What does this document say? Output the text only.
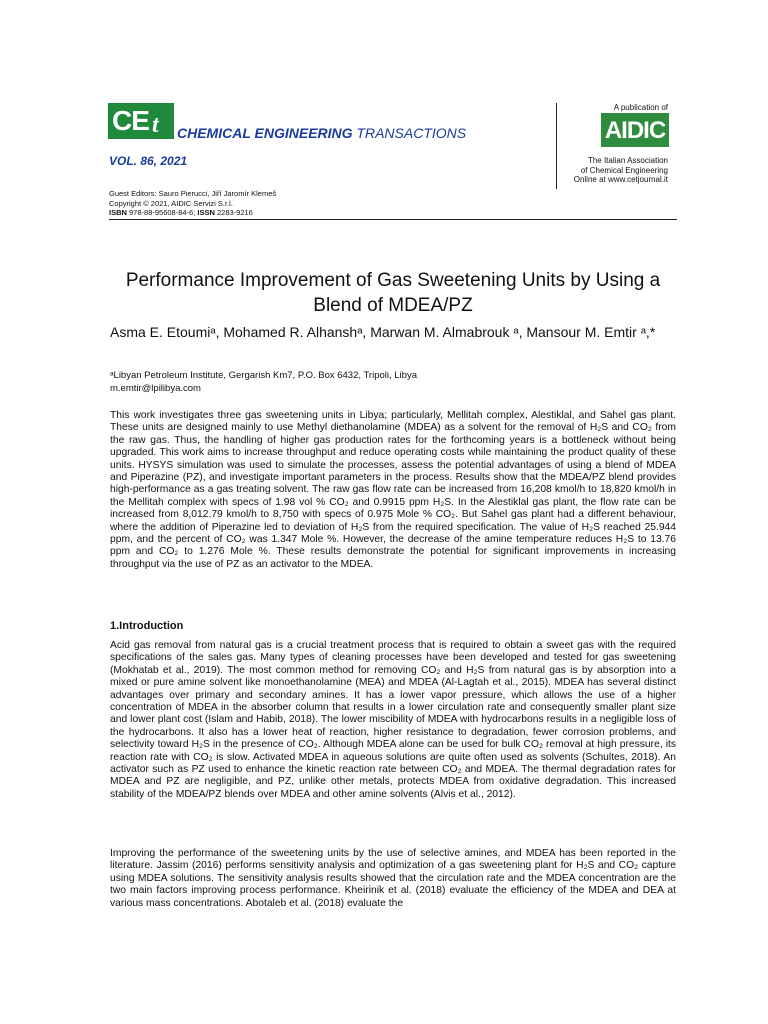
CE t CHEMICAL ENGINEERING TRANSACTIONS
VOL. 86, 2021
A publication of
AIDIC
The Italian Association
of Chemical Engineering
Online at www.cetjournal.it
Guest Editors: Sauro Pierucci, Jiří Jaromír Klemeš
Copyright © 2021, AIDIC Servizi S.r.l.
ISBN 978-88-95608-84-6; ISSN 2283-9216
Performance Improvement of Gas Sweetening Units by Using a Blend of MDEA/PZ
Asma E. Etoumiᵃ, Mohamed R. Alhanshᵃ, Marwan M. Almabrouk ᵃ, Mansour M. Emtir ᵃ,*
ᵃLibyan Petroleum Institute, Gergarish Km7, P.O. Box 6432, Tripoli, Libya
m.emtir@lpilibya.com
This work investigates three gas sweetening units in Libya; particularly, Mellitah complex, Alestiklal, and Sahel gas plant. These units are designed mainly to use Methyl diethanolamine (MDEA) as a solvent for the removal of H₂S and CO₂ from the raw gas. Thus, the handling of higher gas production rates for the forthcoming years is a bottleneck without being upgraded. This work aims to increase throughput and reduce operating costs while maintaining the product quality of these units. HYSYS simulation was used to simulate the processes, assess the potential advantages of using a blend of MDEA and Piperazine (PZ), and investigate important parameters in the process. Results show that the MDEA/PZ blend provides high-performance as a gas treating solvent. The raw gas flow rate can be increased from 16,208 kmol/h to 18,820 kmol/h in the Mellitah complex with specs of 1.98 vol % CO₂ and 0.9915 ppm H₂S. In the Alestiklal gas plant, the flow rate can be increased from 8,012.79 kmol/h to 8,750 with specs of 0.975 Mole % CO₂. But Sahel gas plant had a different behaviour, where the addition of Piperazine led to deviation of H₂S from the required specification. The value of H₂S reached 25.944 ppm, and the percent of CO₂ was 1.347 Mole %. However, the decrease of the amine temperature reduces H₂S to 13.76 ppm and CO₂ to 1.276 Mole %. These results demonstrate the potential for significant improvements in increasing throughput via the use of PZ as an activator to the MDEA.
1.Introduction
Acid gas removal from natural gas is a crucial treatment process that is required to obtain a sweet gas with the required specifications of the sales gas. Many types of cleaning processes have been developed and tested for gas sweetening (Mokhatab et al., 2019). The most common method for removing CO₂ and H₂S from natural gas is by absorption into a mixed or pure amine solvent like monoethanolamine (MEA) and MDEA (Al-Lagtah et al., 2015). MDEA has several distinct advantages over primary and secondary amines. It has a lower vapor pressure, which allows the use of a higher concentration of MDEA in the absorber column that results in a lower circulation rate and consequently smaller plant size and lower plant cost (Islam and Habib, 2018). The lower miscibility of MDEA with hydrocarbons results in a negligible loss of the hydrocarbons. It also has a lower heat of reaction, higher resistance to degradation, fewer corrosion problems, and selectivity toward H₂S in the presence of CO₂. Although MDEA alone can be used for bulk CO₂ removal at high pressure, its reaction rate with CO₂ is slow. Activated MDEA in aqueous solutions are quite often used as solvents (Schultes, 2018). An activator such as PZ used to enhance the kinetic reaction rate between CO₂ and MDEA. The thermal degradation rates for MDEA and PZ are negligible, and PZ, unlike other metals, protects MDEA from oxidative degradation. This increased stability of the MDEA/PZ blends over MDEA and other amine solvents (Alvis et al., 2012).
Improving the performance of the sweetening units by the use of selective amines, and MDEA has been reported in the literature. Jassim (2016) performs sensitivity analysis and optimization of a gas sweetening plant for H₂S and CO₂ capture using MDEA solutions. The sensitivity analysis results showed that the circulation rate and the MDEA concentration are the two main factors improving process performance. Kheirinik et al. (2018) evaluate the efficiency of the MDEA and DEA at various mass concentrations. Abotaleb et al. (2018) evaluate the
